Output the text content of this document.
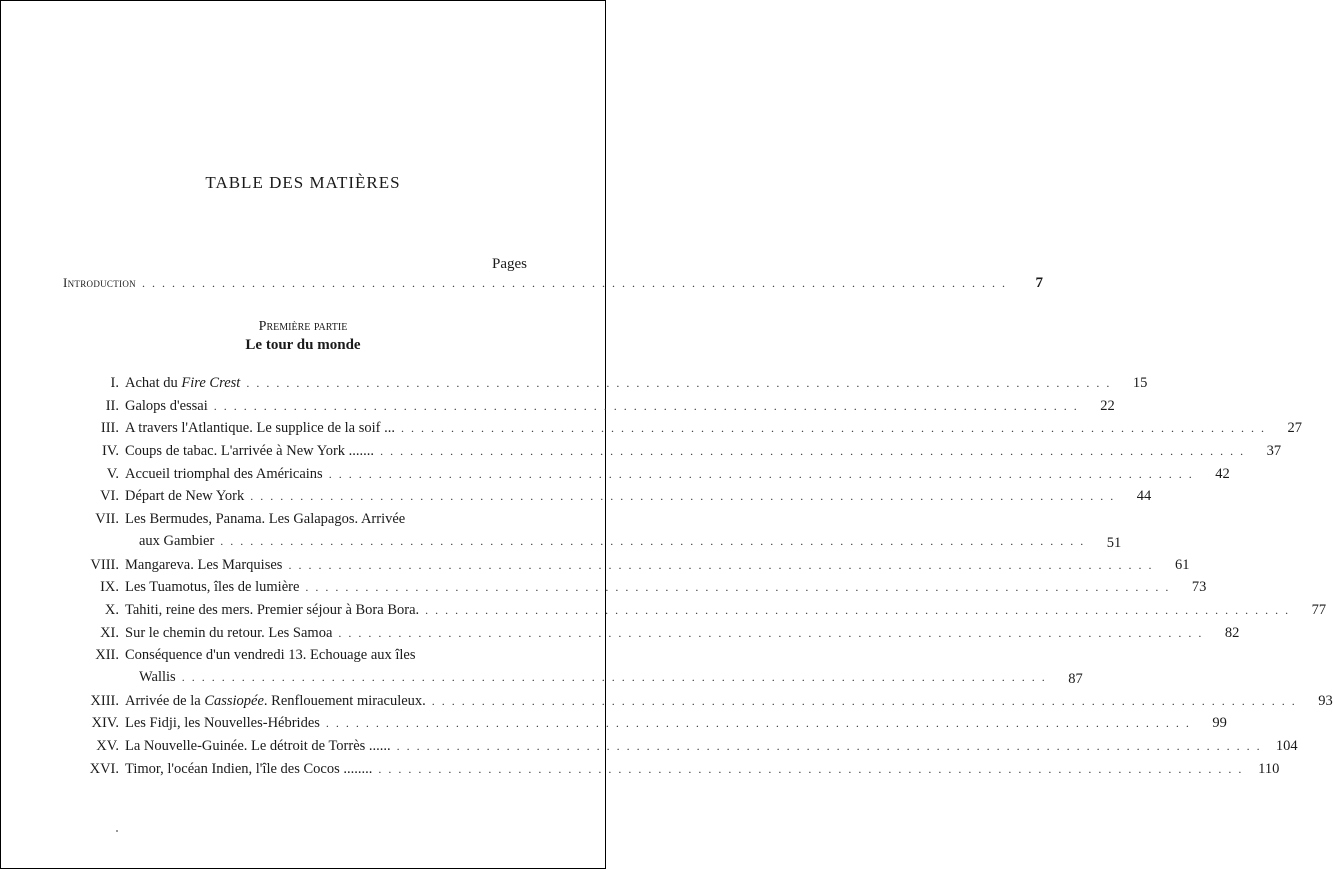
TABLE DES MATIÈRES
Pages
Introduction . . .	7
Première partie
Le tour du monde
I. Achat du Fire Crest . . .	15
II. Galops d'essai . . .	22
III. A travers l'Atlantique. Le supplice de la soif ... . . .	27
IV. Coups de tabac. L'arrivée à New York ....... . . .	37
V. Accueil triomphal des Américains . . .	42
VI. Départ de New York . . .	44
VII. Les Bermudes, Panama. Les Galapagos. Arrivée
aux Gambier . . .	51
VIII. Mangareva. Les Marquises . . .	61
IX. Les Tuamotus, îles de lumière . . .	73
X. Tahiti, reine des mers. Premier séjour à Bora Bora. . . .	77
XI. Sur le chemin du retour. Les Samoa . . .	82
XII. Conséquence d'un vendredi 13. Echouage aux îles
Wallis . . .	87
XIII. Arrivée de la Cassiopée. Renflouement miraculeux. . . .	93
XIV. Les Fidji, les Nouvelles-Hébrides . . .	99
XV. La Nouvelle-Guinée. Le détroit de Torrès ...... . . .	104
XVI. Timor, l'océan Indien, l'île des Cocos ........ . . .	110
